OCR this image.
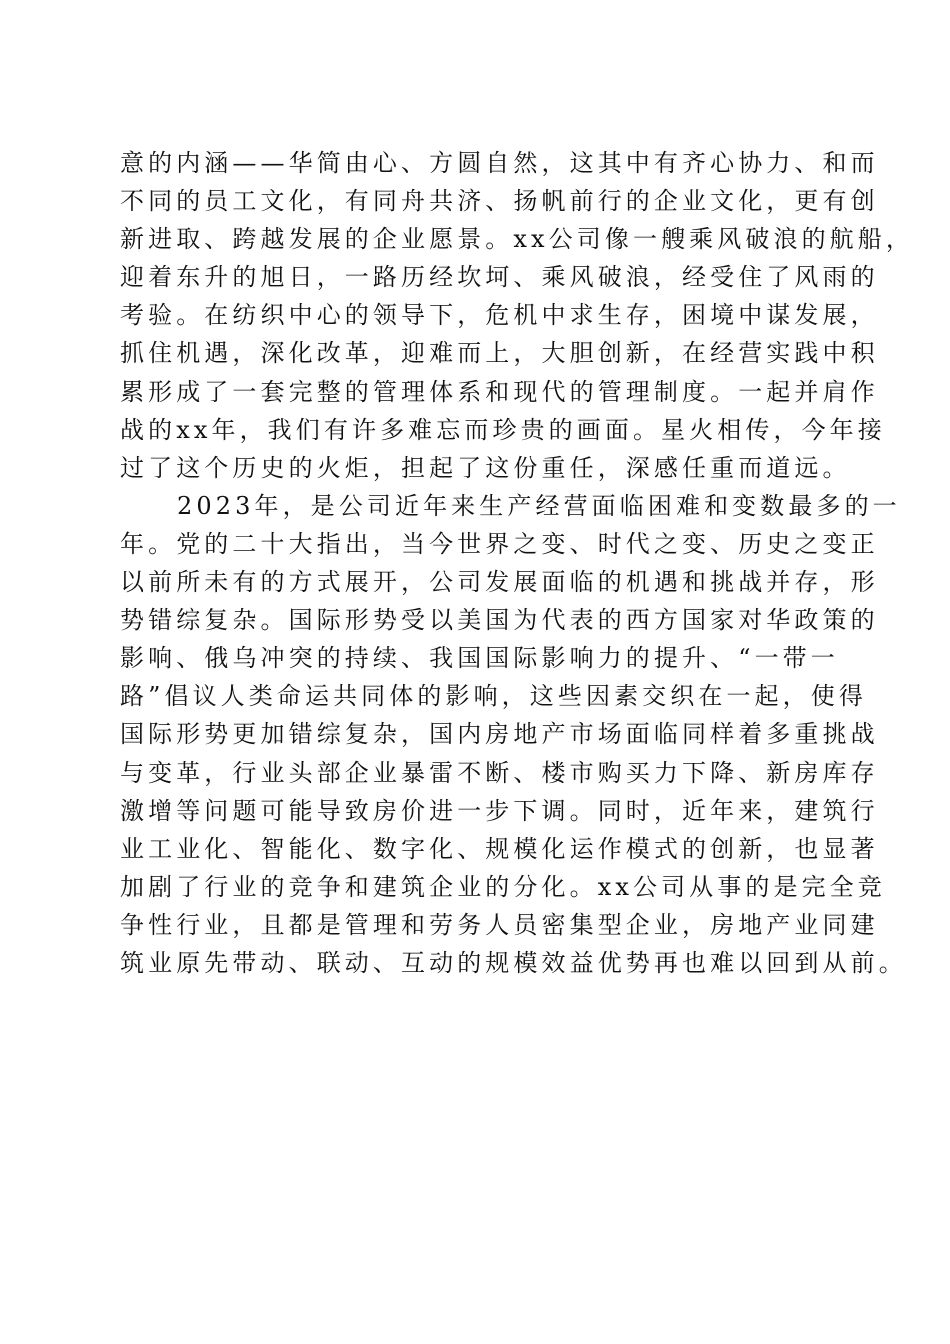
意的内涵——华简由心、方圆自然，这其中有齐心协力、和而
不同的员工文化，有同舟共济、扬帆前行的企业文化，更有创
新进取、跨越发展的企业愿景。xx公司像一艘乘风破浪的航船，
迎着东升的旭日，一路历经坎坷、乘风破浪，经受住了风雨的
考验。在纺织中心的领导下，危机中求生存，困境中谋发展，
抓住机遇，深化改革，迎难而上，大胆创新，在经营实践中积
累形成了一套完整的管理体系和现代的管理制度。一起并肩作
战的xx年，我们有许多难忘而珍贵的画面。星火相传，今年接
过了这个历史的火炬，担起了这份重任，深感任重而道远。
2023年，是公司近年来生产经营面临困难和变数最多的一
年。党的二十大指出，当今世界之变、时代之变、历史之变正
以前所未有的方式展开，公司发展面临的机遇和挑战并存，形
势错综复杂。国际形势受以美国为代表的西方国家对华政策的
影响、俄乌冲突的持续、我国国际影响力的提升、“一带一
路”倡议人类命运共同体的影响，这些因素交织在一起，使得
国际形势更加错综复杂，国内房地产市场面临同样着多重挑战
与变革，行业头部企业暴雷不断、楼市购买力下降、新房库存
激增等问题可能导致房价进一步下调。同时，近年来，建筑行
业工业化、智能化、数字化、规模化运作模式的创新，也显著
加剧了行业的竞争和建筑企业的分化。xx公司从事的是完全竞
争性行业，且都是管理和劳务人员密集型企业，房地产业同建
筑业原先带动、联动、互动的规模效益优势再也难以回到从前。
